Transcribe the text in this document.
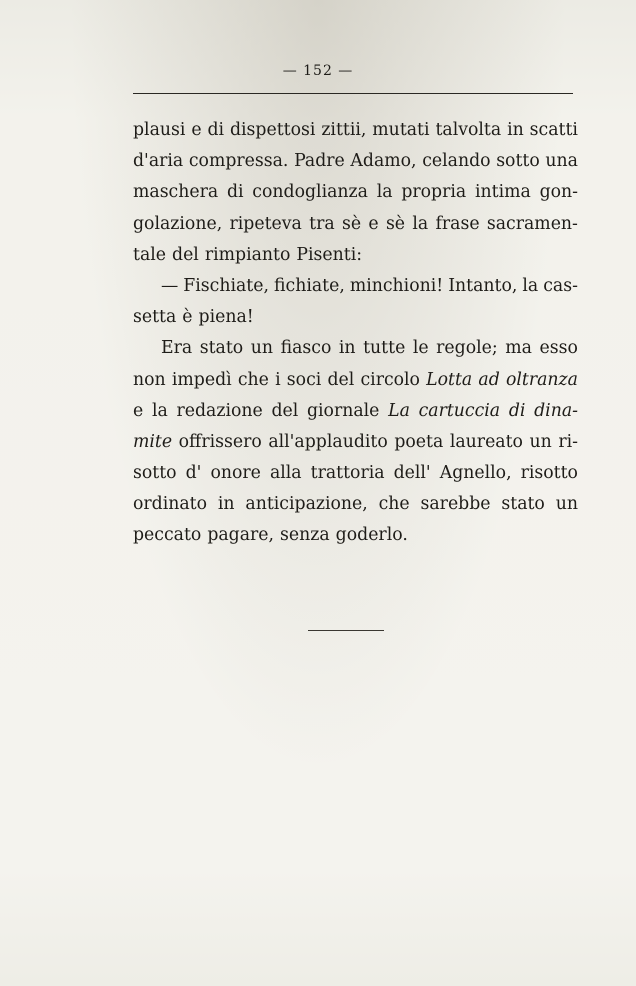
— 152 —
plausi e di dispettosi zittii, mutati talvolta in scatti
d'aria compressa. Padre Adamo, celando sotto una
maschera di condoglianza la propria intima gon-
golazione, ripeteva tra sè e sè la frase sacramen-
tale del rimpianto Pisenti:
— Fischiate, fichiate, minchioni! Intanto, la cas-
setta è piena!
Era stato un fiasco in tutte le regole; ma esso
non impedì che i soci del circolo Lotta ad oltranza
e la redazione del giornale La cartuccia di dina-
mite offrissero all'applaudito poeta laureato un ri-
sotto d' onore alla trattoria dell' Agnello, risotto
ordinato in anticipazione, che sarebbe stato un
peccato pagare, senza goderlo.
